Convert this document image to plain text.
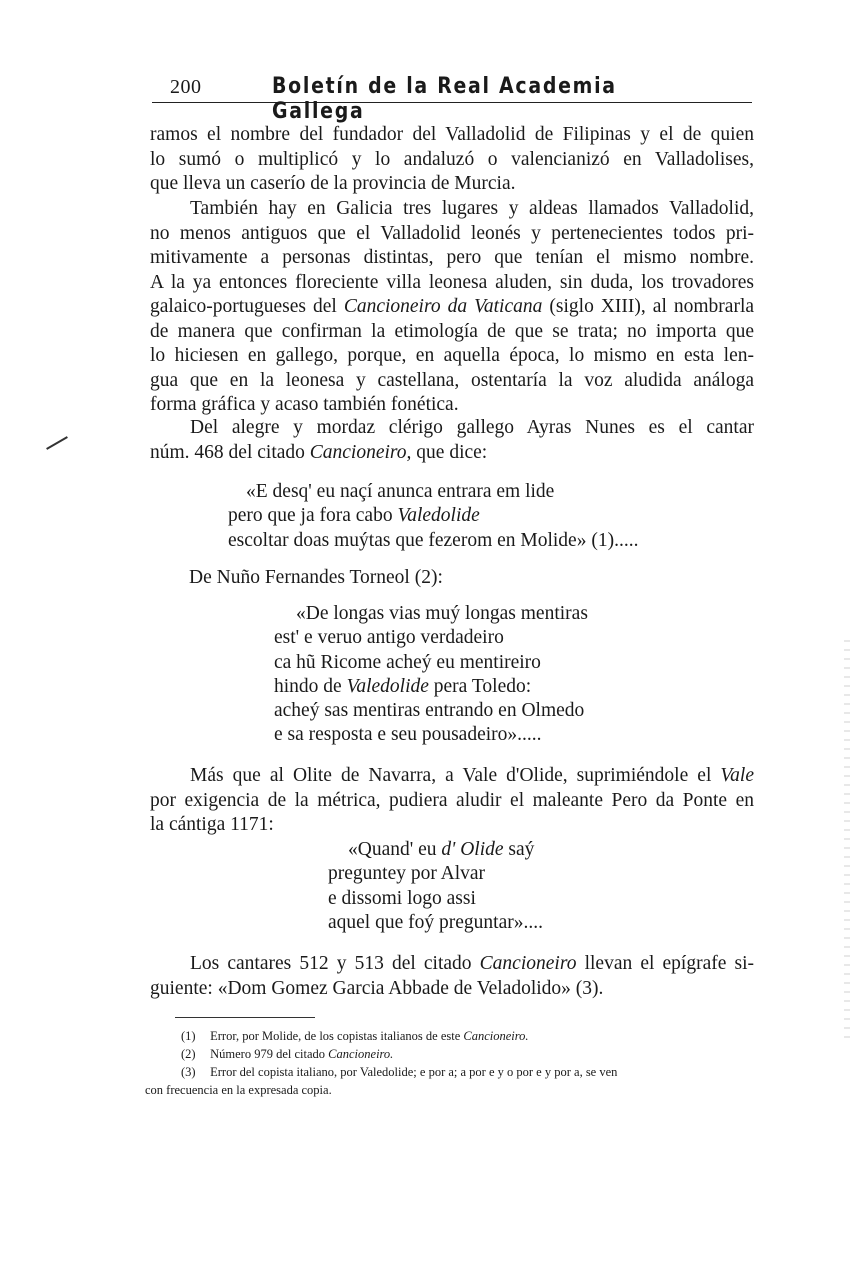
200	Boletín de la Real Academia Gallega
ramos el nombre del fundador del Valladolid de Filipinas y el de quien
lo sumó o multiplicó y lo andaluzó o valencianizó en Valladolises,
que lleva un caserío de la provincia de Murcia.
También hay en Galicia tres lugares y aldeas llamados Valladolid,
no menos antiguos que el Valladolid leonés y pertenecientes todos pri-
mitivamente a personas distintas, pero que tenían el mismo nombre.
A la ya entonces floreciente villa leonesa aluden, sin duda, los trovadores
galaico-portugueses del Cancioneiro da Vaticana (siglo XIII), al nombrarla
de manera que confirman la etimología de que se trata; no importa que
lo hiciesen en gallego, porque, en aquella época, lo mismo en esta len-
gua que en la leonesa y castellana, ostentaría la voz aludida análoga
forma gráfica y acaso también fonética.
Del alegre y mordaz clérigo gallego Ayras Nunes es el cantar
núm. 468 del citado Cancioneiro, que dice:
«E desq' eu naçí anunca entrara em lide
pero que ja fora cabo Valedolide
escoltar doas muýtas que fezerom en Molide» (1).....
De Nuño Fernandes Torneol (2):
«De longas vias muý longas mentiras
est' e veruo antigo verdadeiro
ca hũ Ricome acheý eu mentireiro
hindo de Valedolide pera Toledo:
acheý sas mentiras entrando en Olmedo
e sa resposta e seu pousadeiro».....
Más que al Olite de Navarra, a Vale d'Olide, suprimiéndole el Vale
por exigencia de la métrica, pudiera aludir el maleante Pero da Ponte en
la cántiga 1171:
«Quand' eu d' Olide saý
preguntey por Alvar
e dissomi logo assi
aquel que foý preguntar»....
Los cantares 512 y 513 del citado Cancioneiro llevan el epígrafe si-
guiente: «Dom Gomez Garcia Abbade de Veladolido» (3).
(1) Error, por Molide, de los copistas italianos de este Cancioneiro.
(2) Número 979 del citado Cancioneiro.
(3) Error del copista italiano, por Valedolide; e por a; a por e y o por e y por a, se ven
con frecuencia en la expresada copia.
